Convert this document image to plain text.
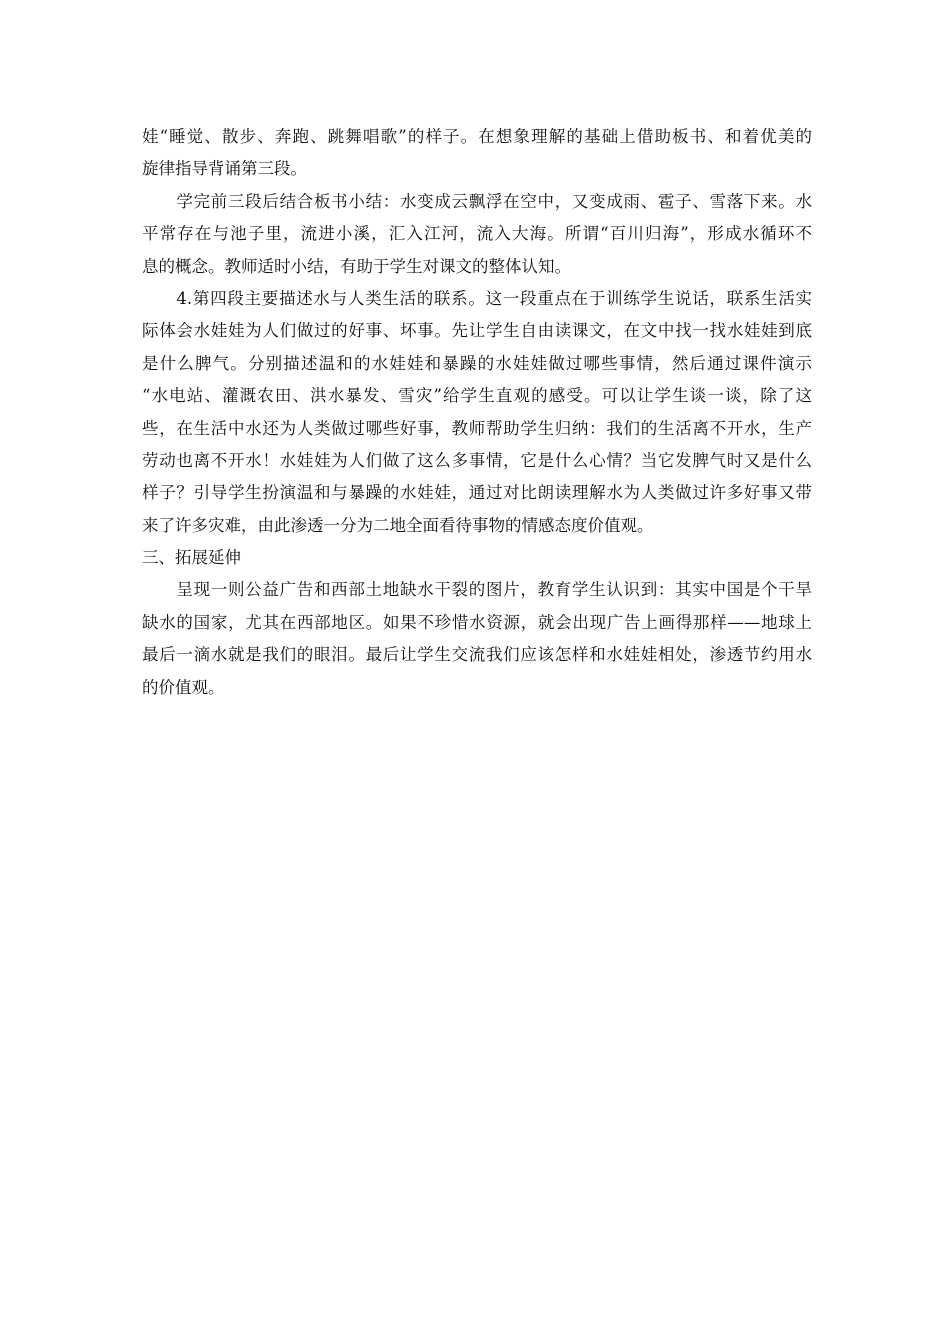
娃“睡觉、散步、奔跑、跳舞唱歌”的样子。在想象理解的基础上借助板书、和着优美的
旋律指导背诵第三段。

　　学完前三段后结合板书小结：水变成云飘浮在空中，又变成雨、雹子、雪落下来。水
平常存在与池子里，流进小溪，汇入江河，流入大海。所谓“百川归海”，形成水循环不
息的概念。教师适时小结，有助于学生对课文的整体认知。

　　4.第四段主要描述水与人类生活的联系。这一段重点在于训练学生说话，联系生活实
际体会水娃娃为人们做过的好事、坏事。先让学生自由读课文，在文中找一找水娃娃到底
是什么脾气。分别描述温和的水娃娃和暴躁的水娃娃做过哪些事情，然后通过课件演示
“水电站、灌溉农田、洪水暴发、雪灾”给学生直观的感受。可以让学生谈一谈，除了这
些，在生活中水还为人类做过哪些好事，教师帮助学生归纳：我们的生活离不开水，生产
劳动也离不开水！水娃娃为人们做了这么多事情，它是什么心情？当它发脾气时又是什么
样子？引导学生扮演温和与暴躁的水娃娃，通过对比朗读理解水为人类做过许多好事又带
来了许多灾难，由此渗透一分为二地全面看待事物的情感态度价值观。

三、拓展延伸

　　呈现一则公益广告和西部土地缺水干裂的图片，教育学生认识到：其实中国是个干旱
缺水的国家，尤其在西部地区。如果不珍惜水资源，就会出现广告上画得那样——地球上
最后一滴水就是我们的眼泪。最后让学生交流我们应该怎样和水娃娃相处，渗透节约用水
的价值观。
